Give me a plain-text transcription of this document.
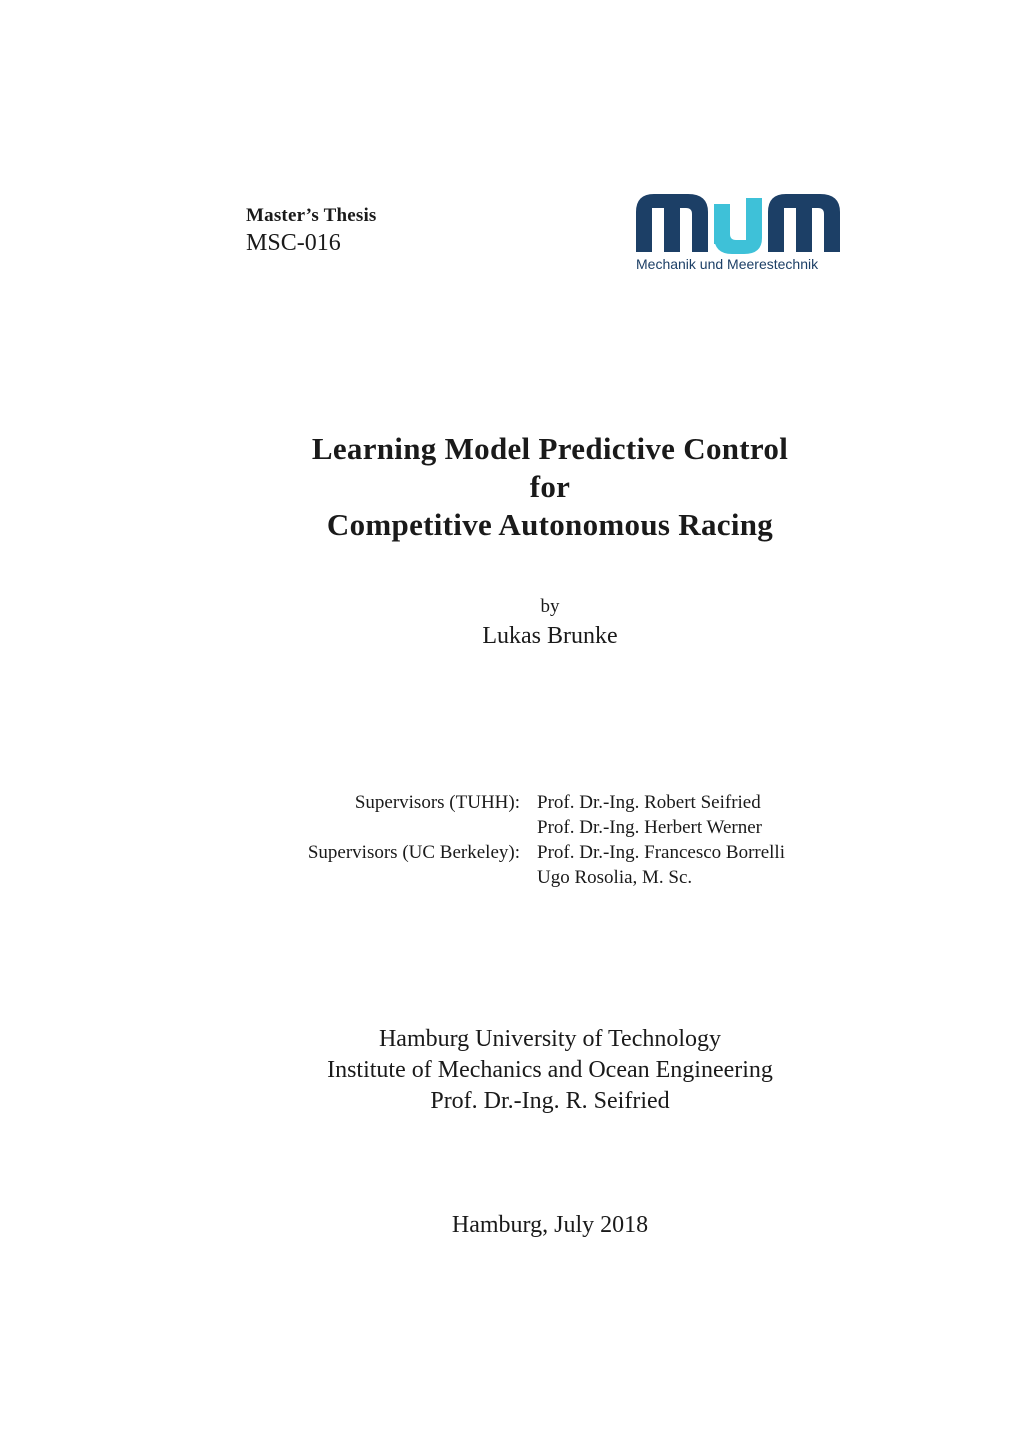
Master’s Thesis
MSC-016
Mechanik und Meerestechnik
Learning Model Predictive Control
for
Competitive Autonomous Racing
by
Lukas Brunke
Supervisors (TUHH): Prof. Dr.-Ing. Robert Seifried
Prof. Dr.-Ing. Herbert Werner
Supervisors (UC Berkeley): Prof. Dr.-Ing. Francesco Borrelli
Ugo Rosolia, M. Sc.
Hamburg University of Technology
Institute of Mechanics and Ocean Engineering
Prof. Dr.-Ing. R. Seifried
Hamburg, July 2018
